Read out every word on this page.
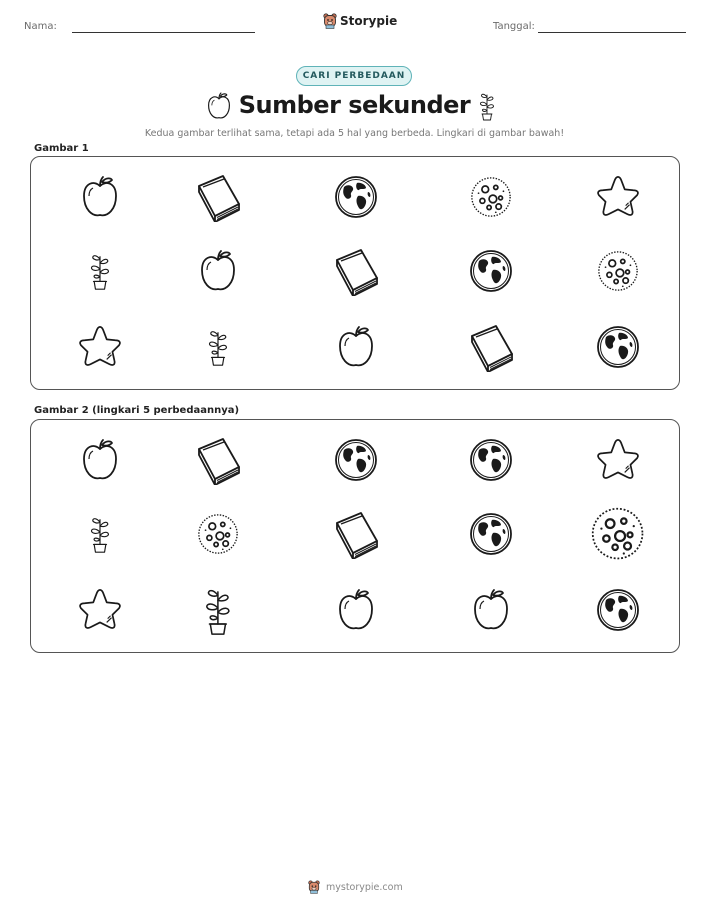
Nama:	Storypie	Tanggal:
CARI PERBEDAAN
Sumber sekunder
Kedua gambar terlihat sama, tetapi ada 5 hal yang berbeda. Lingkari di gambar bawah!
Gambar 1
Gambar 2 (lingkari 5 perbedaannya)
mystorypie.com
